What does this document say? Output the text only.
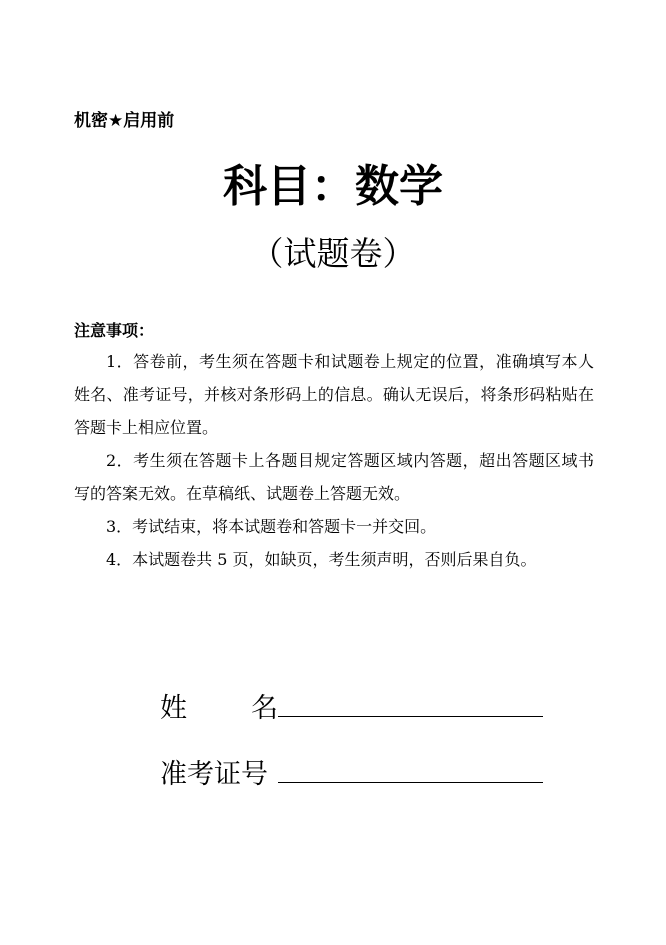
机密★启用前
科目：数学
（试题卷）
注意事项：

1．答卷前，考生须在答题卡和试题卷上规定的位置，准确填写本人姓名、准考证号，并核对条形码上的信息。确认无误后，将条形码粘贴在答题卡上相应位置。

2．考生须在答题卡上各题目规定答题区域内答题，超出答题区域书写的答案无效。在草稿纸、试题卷上答题无效。

3．考试结束，将本试题卷和答题卡一并交回。

4．本试题卷共 5 页，如缺页，考生须声明，否则后果自负。

姓 名
准考证号
